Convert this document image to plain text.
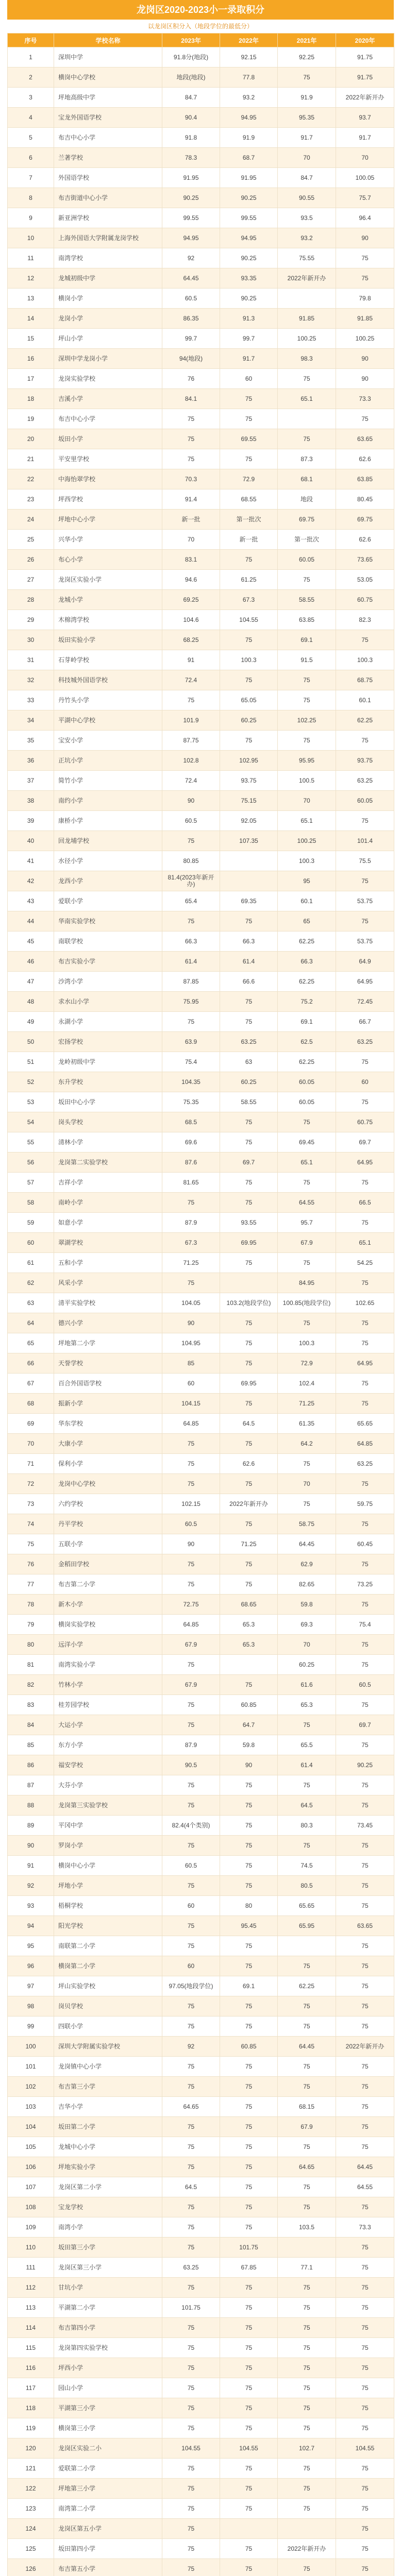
龙岗区2020-2023小一录取积分
以龙岗区积分入（地段学位的最低分）
序号	学校名称	2023年	2022年	2021年	2020年
1	深圳中学	91.8分(地段)	92.15	92.25	91.75
2	横岗中心学校	地段(地段)	77.8	75	91.75
3	坪地高级中学	84.7	93.2	91.9	2022年新开办
4	宝龙外国语学校	90.4	94.95	95.35	93.7
5	布吉中心小学	91.8	91.9	91.7	91.7
6	兰著学校	78.3	68.7	70	70
7	外国语学校	91.95	91.95	84.7	100.05
8	布吉街道中心小学	90.25	90.25	90.55	75.7
9	新亚洲学校	99.55	99.55	93.5	96.4
10	上海外国语大学附属龙岗学校	94.95	94.95	93.2	90
11	南湾学校	92	90.25	75.55	75
12	龙城初级中学	64.45	93.35	2022年新开办	75
13	横岗小学	60.5	90.25		79.8
14	龙岗小学	86.35	91.3	91.85	91.85
15	坪山小学	99.7	99.7	100.25	100.25
16	深圳中学龙岗小学	94(地段)	91.7	98.3	90
17	龙岗实验学校	76	60	75	90
18	吉溪小学	84.1	75	65.1	73.3
19	布吉中心小学	75	75		75
20	坂田小学	75	69.55	75	63.65
21	平安里学校	75	75	87.3	62.6
22	中海怡翠学校	70.3	72.9	68.1	63.85
23	坪西学校	91.4	68.55	地段	80.45
24	坪地中心小学	新一批	第一批次	69.75	69.75
25	兴华小学	70	新一批	第一批次	62.6
26	布心小学	83.1	75	60.05	73.65
27	龙岗区实验小学	94.6	61.25	75	53.05
28	龙城小学	69.25	67.3	58.55	60.75
29	木棉湾学校	104.6	104.55	63.85	82.3
30	坂田实验小学	68.25	75	69.1	75
31	石芽岭学校	91	100.3	91.5	100.3
32	科技城外国语学校	72.4	75	75	68.75
33	丹竹头小学	75	65.05	75	60.1
34	平湖中心学校	101.9	60.25	102.25	62.25
35	宝安小学	87.75	75	75	75
36	正坑小学	102.8	102.95	95.95	93.75
37	简竹小学	72.4	93.75	100.5	63.25
38	南约小学	90	75.15	70	60.05
39	康桥小学	60.5	92.05	65.1	75
40	回龙埔学校	75	107.35	100.25	101.4
41	水径小学	80.85		100.3	75.5
42	龙西小学	81.4(2023年新开办)		95	75
43	爱联小学	65.4	69.35	60.1	53.75
44	华南实验学校	75	75	65	75
45	南联学校	66.3	66.3	62.25	53.75
46	布吉实验小学	61.4	61.4	66.3	64.9
47	沙湾小学	87.85	66.6	62.25	64.95
48	求水山小学	75.95	75	75.2	72.45
49	永湖小学	75	75	69.1	66.7
50	宏扬学校	63.9	63.25	62.5	63.25
51	龙岭初级中学	75.4	63	62.25	75
52	东升学校	104.35	60.25	60.05	60
53	坂田中心小学	75.35	58.55	60.05	75
54	岗头学校	68.5	75	75	60.75
55	清林小学	69.6	75	69.45	69.7
56	龙岗第二实验学校	87.6	69.7	65.1	64.95
57	吉祥小学	81.65	75	75	75
58	南岭小学	75	75	64.55	66.5
59	如意小学	87.9	93.55	95.7	75
60	翠湖学校	67.3	69.95	67.9	65.1
61	五和小学	71.25	75	75	54.25
62	风采小学	75		84.95	75
63	清平实验学校	104.05	103.2(地段学位)	100.85(地段学位)	102.65
64	德兴小学	90	75	75	75
65	坪地第二小学	104.95	75	100.3	75
66	天誉学校	85	75	72.9	64.95
67	百合外国语学校	60	69.95	102.4	75
68	振新小学	104.15	75	71.25	75
69	华东学校	64.85	64.5	61.35	65.65
70	大康小学	75	75	64.2	64.85
71	保利小学	75	62.6	75	63.25
72	龙岗中心学校	75	75	70	75
73	六约学校	102.15	2022年新开办	75	59.75
74	丹平学校	60.5	75	58.75	75
75	五联小学	90	71.25	64.45	60.45
76	金稻田学校	75	75	62.9	75
77	布吉第二小学	75	75	82.65	73.25
78	新木小学	72.75	68.65	59.8	75
79	横岗实验学校	64.85	65.3	69.3	75.4
80	远洋小学	67.9	65.3	70	75
81	南湾实验小学	75		60.25	75
82	竹林小学	67.9	75	61.6	60.5
83	桂芳园学校	75	60.85	65.3	75
84	大运小学	75	64.7	75	69.7
85	东方小学	87.9	59.8	65.5	75
86	福安学校	90.5	90	61.4	90.25
87	大芬小学	75	75	75	75
88	龙岗第三实验学校	75	75	64.5	75
89	平冈中学	82.4(4个类别)	75	80.3	73.45
90	罗岗小学	75	75	75	75
91	横岗中心小学	60.5	75	74.5	75
92	坪地小学	75	75	80.5	75
93	梧桐学校	60	80	65.65	75
94	阳光学校	75	95.45	65.95	63.65
95	南联第二小学	75	75		75
96	横岗第二小学	60	75	75	75
97	坪山实验学校	97.05(地段学位)	69.1	62.25	75
98	岗贝学校	75	75	75	75
99	四联小学	75	75	75	75
100	深圳大学附属实验学校	92	60.85	64.45	2022年新开办
101	龙岗镇中心小学	75	75	75	75
102	布吉第三小学	75	75	75	75
103	吉华小学	64.65	75	68.15	75
104	坂田第二小学	75	75	67.9	75
105	龙城中心小学	75	75	75	75
106	坪地实验小学	75	75	64.65	64.45
107	龙岗区第二小学	64.5	75	75	64.55
108	宝龙学校	75	75	75	75
109	南湾小学	75	75	103.5	73.3
110	坂田第三小学	75	101.75		75
111	龙岗区第三小学	63.25	67.85	77.1	75
112	甘坑小学	75	75	75	75
113	平湖第二小学	101.75	75	75	75
114	布吉第四小学	75	75	75	75
115	龙岗第四实验学校	75	75	75	75
116	坪西小学	75	75	75	75
117	园山小学	75	75	75	75
118	平湖第三小学	75	75	75	75
119	横岗第三小学	75	75	75	75
120	龙岗区实验二小	104.55	104.55	102.7	104.55
121	爱联第二小学	75	75	75	75
122	坪地第三小学	75	75	75	75
123	南湾第二小学	75	75	75	75
124	龙岗区第五小学	75			75
125	坂田第四小学	75	75	2022年新开办	75
126	布吉第五小学	75	75	75	75
